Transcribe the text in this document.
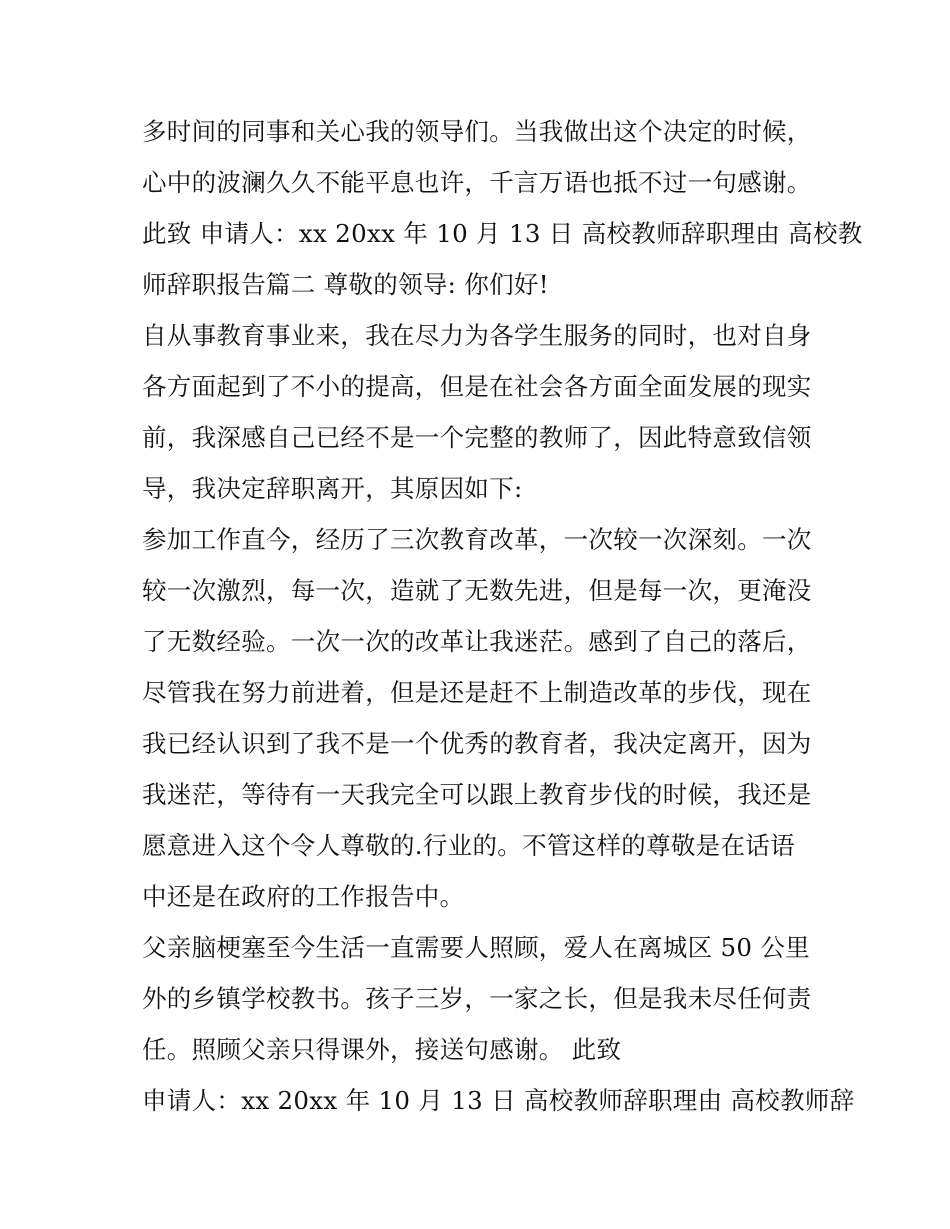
多时间的同事和关心我的领导们。当我做出这个决定的时候，
心中的波澜久久不能平息也许，千言万语也抵不过一句感谢。
此致 申请人：xx 20xx 年 10 月 13 日 高校教师辞职理由 高校教
师辞职报告篇二 尊敬的领导: 你们好!
自从事教育事业来，我在尽力为各学生服务的同时，也对自身
各方面起到了不小的提高，但是在社会各方面全面发展的现实
前，我深感自己已经不是一个完整的教师了，因此特意致信领
导，我决定辞职离开，其原因如下:
参加工作直今，经历了三次教育改革，一次较一次深刻。一次
较一次激烈，每一次，造就了无数先进，但是每一次，更淹没
了无数经验。一次一次的改革让我迷茫。感到了自己的落后，
尽管我在努力前进着，但是还是赶不上制造改革的步伐，现在
我已经认识到了我不是一个优秀的教育者，我决定离开，因为
我迷茫，等待有一天我完全可以跟上教育步伐的时候，我还是
愿意进入这个令人尊敬的.行业的。不管这样的尊敬是在话语
中还是在政府的工作报告中。
父亲脑梗塞至今生活一直需要人照顾，爱人在离城区 50 公里
外的乡镇学校教书。孩子三岁，一家之长，但是我未尽任何责
任。照顾父亲只得课外，接送句感谢。 此致
申请人：xx 20xx 年 10 月 13 日 高校教师辞职理由 高校教师辞
